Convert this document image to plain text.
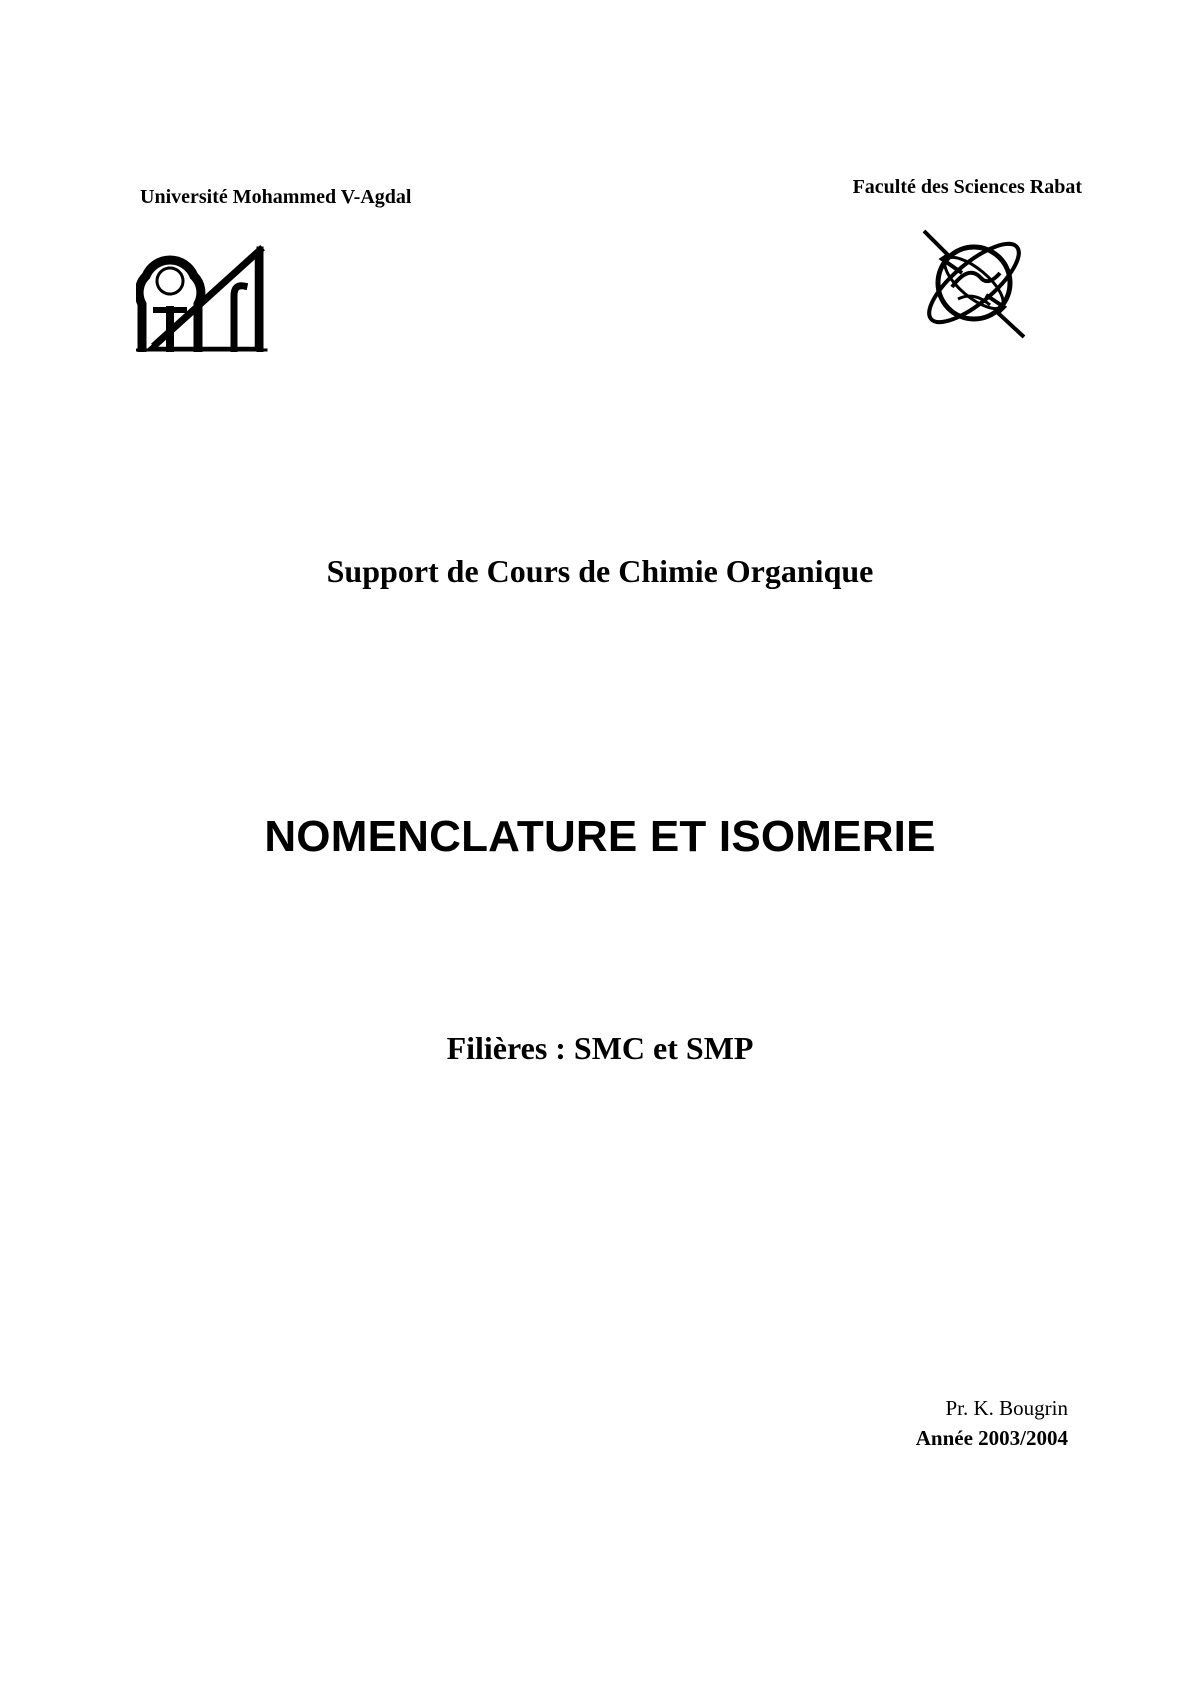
Université Mohammed V-Agdal	Faculté des Sciences Rabat
Support de Cours de Chimie Organique
NOMENCLATURE ET ISOMERIE
Filières : SMC et SMP
Pr. K. Bougrin
Année 2003/2004
